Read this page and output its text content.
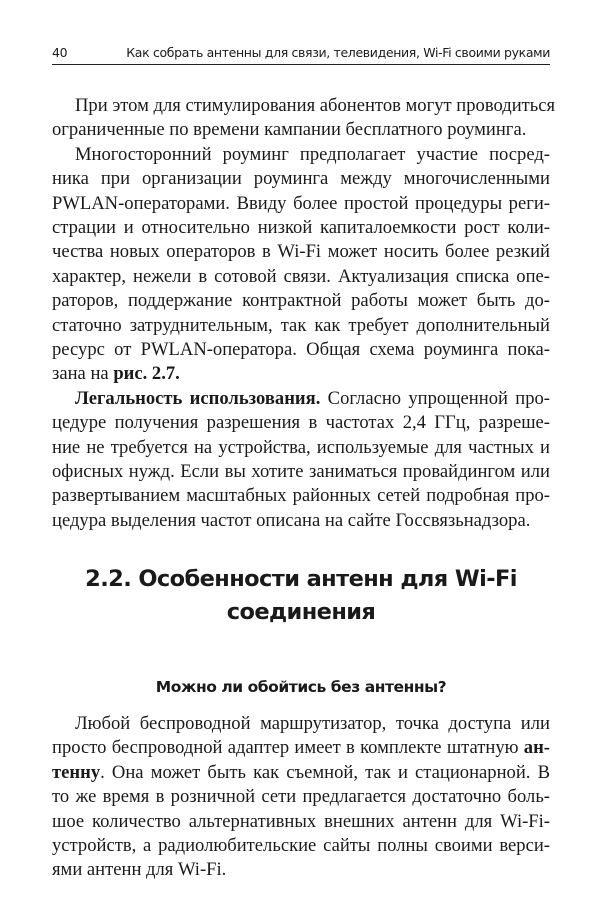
40	Как собрать антенны для связи, телевидения, Wi-Fi своими руками
При этом для стимулирования абонентов могут проводиться
ограниченные по времени кампании бесплатного роуминга.
Многосторонний роуминг предполагает участие посред-
ника при организации роуминга между многочисленными
PWLAN-операторами. Ввиду более простой процедуры реги-
страции и относительно низкой капиталоемкости рост коли-
чества новых операторов в Wi-Fi может носить более резкий
характер, нежели в сотовой связи. Актуализация списка опе-
раторов, поддержание контрактной работы может быть до-
статочно затруднительным, так как требует дополнительный
ресурс от PWLAN-оператора. Общая схема роуминга пока-
зана на рис. 2.7.
Легальность использования. Согласно упрощенной про-
цедуре получения разрешения в частотах 2,4 ГГц, разреше-
ние не требуется на устройства, используемые для частных и
офисных нужд. Если вы хотите заниматься провайдингом или
развертыванием масштабных районных сетей подробная про-
цедура выделения частот описана на сайте Госсвязьнадзора.
2.2. Особенности антенн для Wi-Fi
соединения
Можно ли обойтись без антенны?
Любой беспроводной маршрутизатор, точка доступа или
просто беспроводной адаптер имеет в комплекте штатную ан-
тенну. Она может быть как съемной, так и стационарной. В
то же время в розничной сети предлагается достаточно боль-
шое количество альтернативных внешних антенн для Wi-Fi-
устройств, а радиолюбительские сайты полны своими верси-
ями антенн для Wi-Fi.
